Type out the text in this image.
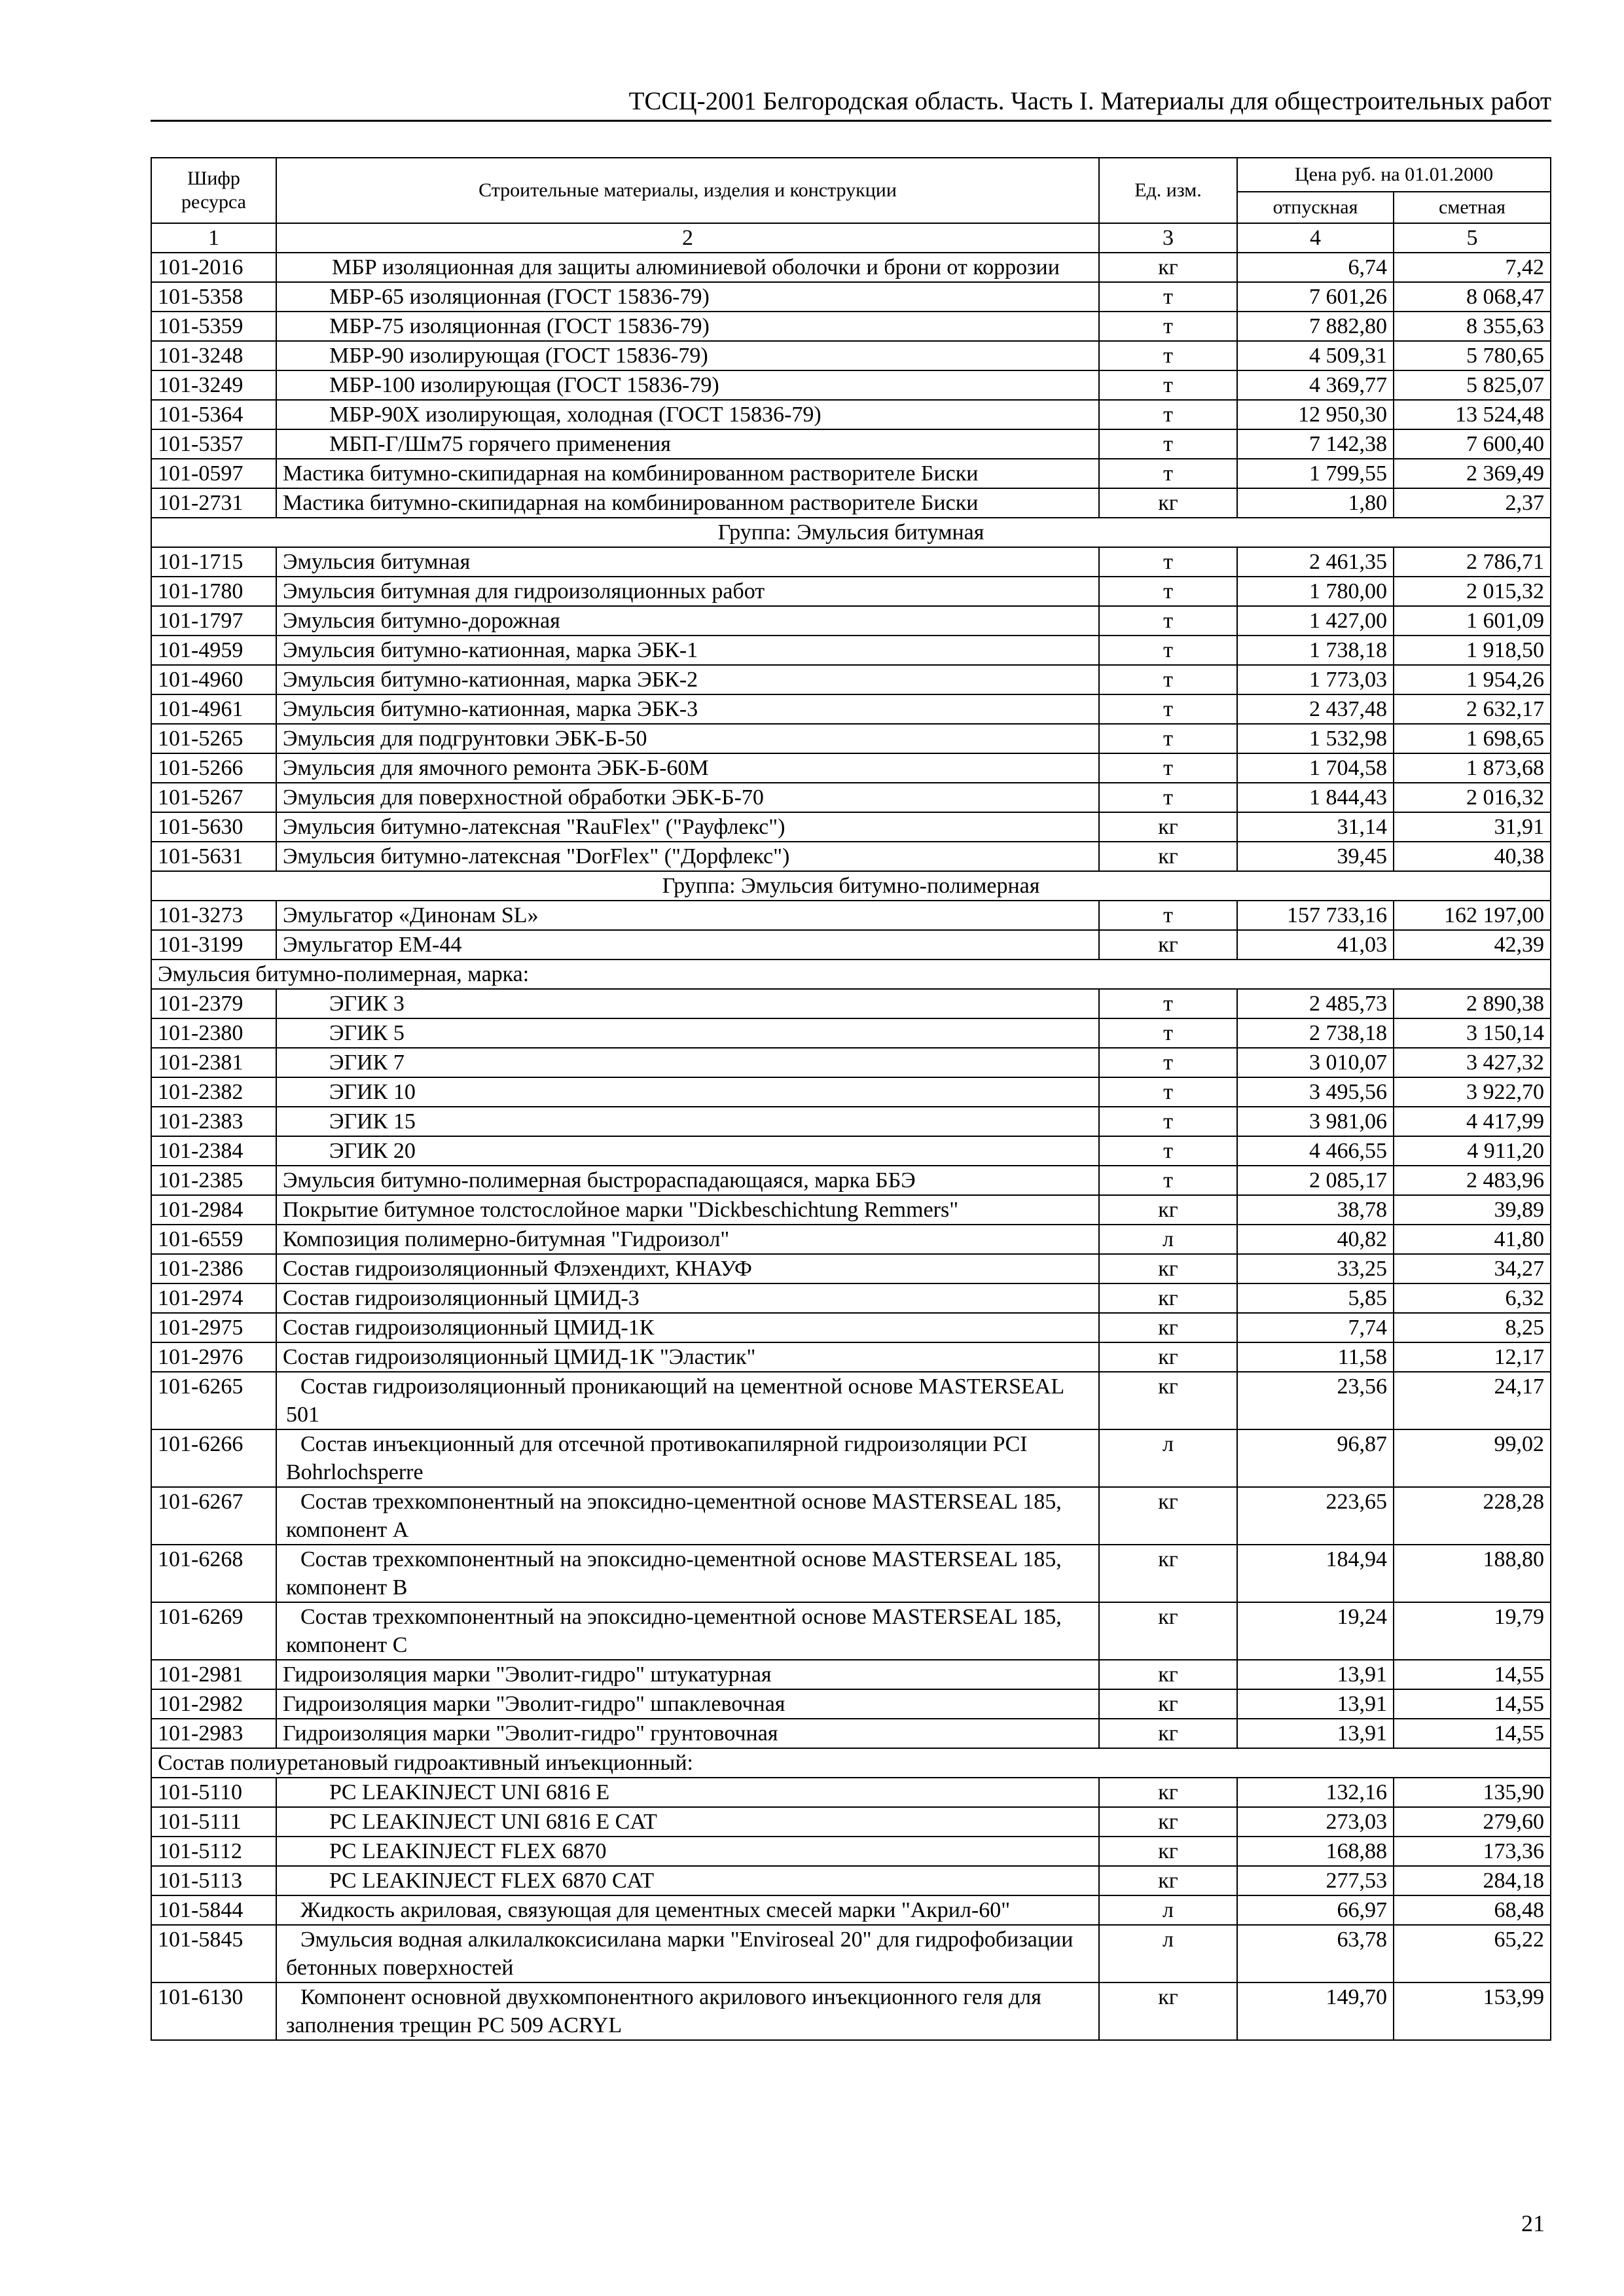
ТССЦ-2001 Белгородская область. Часть I. Материалы для общестроительных работ
Шифр ресурса	Строительные материалы, изделия и конструкции	Ед. изм.	Цена руб. на 01.01.2000	
			отпускная	сметная
1	2	3	4	5
101-2016	МБР изоляционная для защиты алюминиевой оболочки и брони от коррозии	кг	6,74	7,42
101-5358	МБР-65 изоляционная (ГОСТ 15836-79)	т	7 601,26	8 068,47
101-5359	МБР-75 изоляционная (ГОСТ 15836-79)	т	7 882,80	8 355,63
101-3248	МБР-90 изолирующая (ГОСТ 15836-79)	т	4 509,31	5 780,65
101-3249	МБР-100 изолирующая (ГОСТ 15836-79)	т	4 369,77	5 825,07
101-5364	МБР-90Х изолирующая, холодная (ГОСТ 15836-79)	т	12 950,30	13 524,48
101-5357	МБП-Г/Шм75 горячего применения	т	7 142,38	7 600,40
101-0597	Мастика битумно-скипидарная на комбинированном растворителе Биски	т	1 799,55	2 369,49
101-2731	Мастика битумно-скипидарная на комбинированном растворителе Биски	кг	1,80	2,37
Группа: Эмульсия битумная				
101-1715	Эмульсия битумная	т	2 461,35	2 786,71
101-1780	Эмульсия битумная для гидроизоляционных работ	т	1 780,00	2 015,32
101-1797	Эмульсия битумно-дорожная	т	1 427,00	1 601,09
101-4959	Эмульсия битумно-катионная, марка ЭБК-1	т	1 738,18	1 918,50
101-4960	Эмульсия битумно-катионная, марка ЭБК-2	т	1 773,03	1 954,26
101-4961	Эмульсия битумно-катионная, марка ЭБК-3	т	2 437,48	2 632,17
101-5265	Эмульсия для подгрунтовки ЭБК-Б-50	т	1 532,98	1 698,65
101-5266	Эмульсия для ямочного ремонта ЭБК-Б-60М	т	1 704,58	1 873,68
101-5267	Эмульсия для поверхностной обработки ЭБК-Б-70	т	1 844,43	2 016,32
101-5630	Эмульсия битумно-латексная "RauFlex" ("Рауфлекс")	кг	31,14	31,91
101-5631	Эмульсия битумно-латексная "DorFlex" ("Дорфлекс")	кг	39,45	40,38
Группа: Эмульсия битумно-полимерная				
101-3273	Эмульгатор «Динонам SL»	т	157 733,16	162 197,00
101-3199	Эмульгатор ЕМ-44	кг	41,03	42,39
Эмульсия битумно-полимерная, марка:				
101-2379	ЭГИК 3	т	2 485,73	2 890,38
101-2380	ЭГИК 5	т	2 738,18	3 150,14
101-2381	ЭГИК 7	т	3 010,07	3 427,32
101-2382	ЭГИК 10	т	3 495,56	3 922,70
101-2383	ЭГИК 15	т	3 981,06	4 417,99
101-2384	ЭГИК 20	т	4 466,55	4 911,20
101-2385	Эмульсия битумно-полимерная быстрораспадающаяся, марка ББЭ	т	2 085,17	2 483,96
101-2984	Покрытие битумное толстослойное марки "Dickbeschichtung Remmers"	кг	38,78	39,89
101-6559	Композиция полимерно-битумная "Гидроизол"	л	40,82	41,80
101-2386	Состав гидроизоляционный Флэхендихт, КНАУФ	кг	33,25	34,27
101-2974	Состав гидроизоляционный ЦМИД-3	кг	5,85	6,32
101-2975	Состав гидроизоляционный ЦМИД-1К	кг	7,74	8,25
101-2976	Состав гидроизоляционный ЦМИД-1К "Эластик"	кг	11,58	12,17
101-6265	Состав гидроизоляционный проникающий на цементной основе MASTERSEAL 501	кг	23,56	24,17
101-6266	Состав инъекционный для отсечной противокапилярной гидроизоляции PCI Bohrlochsperre	л	96,87	99,02
101-6267	Состав трехкомпонентный на эпоксидно-цементной основе MASTERSEAL 185, компонент А	кг	223,65	228,28
101-6268	Состав трехкомпонентный на эпоксидно-цементной основе MASTERSEAL 185, компонент В	кг	184,94	188,80
101-6269	Состав трехкомпонентный на эпоксидно-цементной основе MASTERSEAL 185, компонент С	кг	19,24	19,79
101-2981	Гидроизоляция марки "Эволит-гидро" штукатурная	кг	13,91	14,55
101-2982	Гидроизоляция марки "Эволит-гидро" шпаклевочная	кг	13,91	14,55
101-2983	Гидроизоляция марки "Эволит-гидро" грунтовочная	кг	13,91	14,55
Состав полиуретановый гидроактивный инъекционный:				
101-5110	PC LEAKINJECT UNI 6816 E	кг	132,16	135,90
101-5111	PC LEAKINJECT UNI 6816 E CAT	кг	273,03	279,60
101-5112	PC LEAKINJECT FLEX 6870	кг	168,88	173,36
101-5113	PC LEAKINJECT FLEX 6870 CAT	кг	277,53	284,18
101-5844	Жидкость акриловая, связующая для цементных смесей марки "Акрил-60"	л	66,97	68,48
101-5845	Эмульсия водная алкилалкоксисилана марки "Enviroseal 20" для гидрофобизации бетонных поверхностей	л	63,78	65,22
101-6130	Компонент основной двухкомпонентного акрилового инъекционного геля для заполнения трещин PC 509 ACRYL	кг	149,70	153,99
21
